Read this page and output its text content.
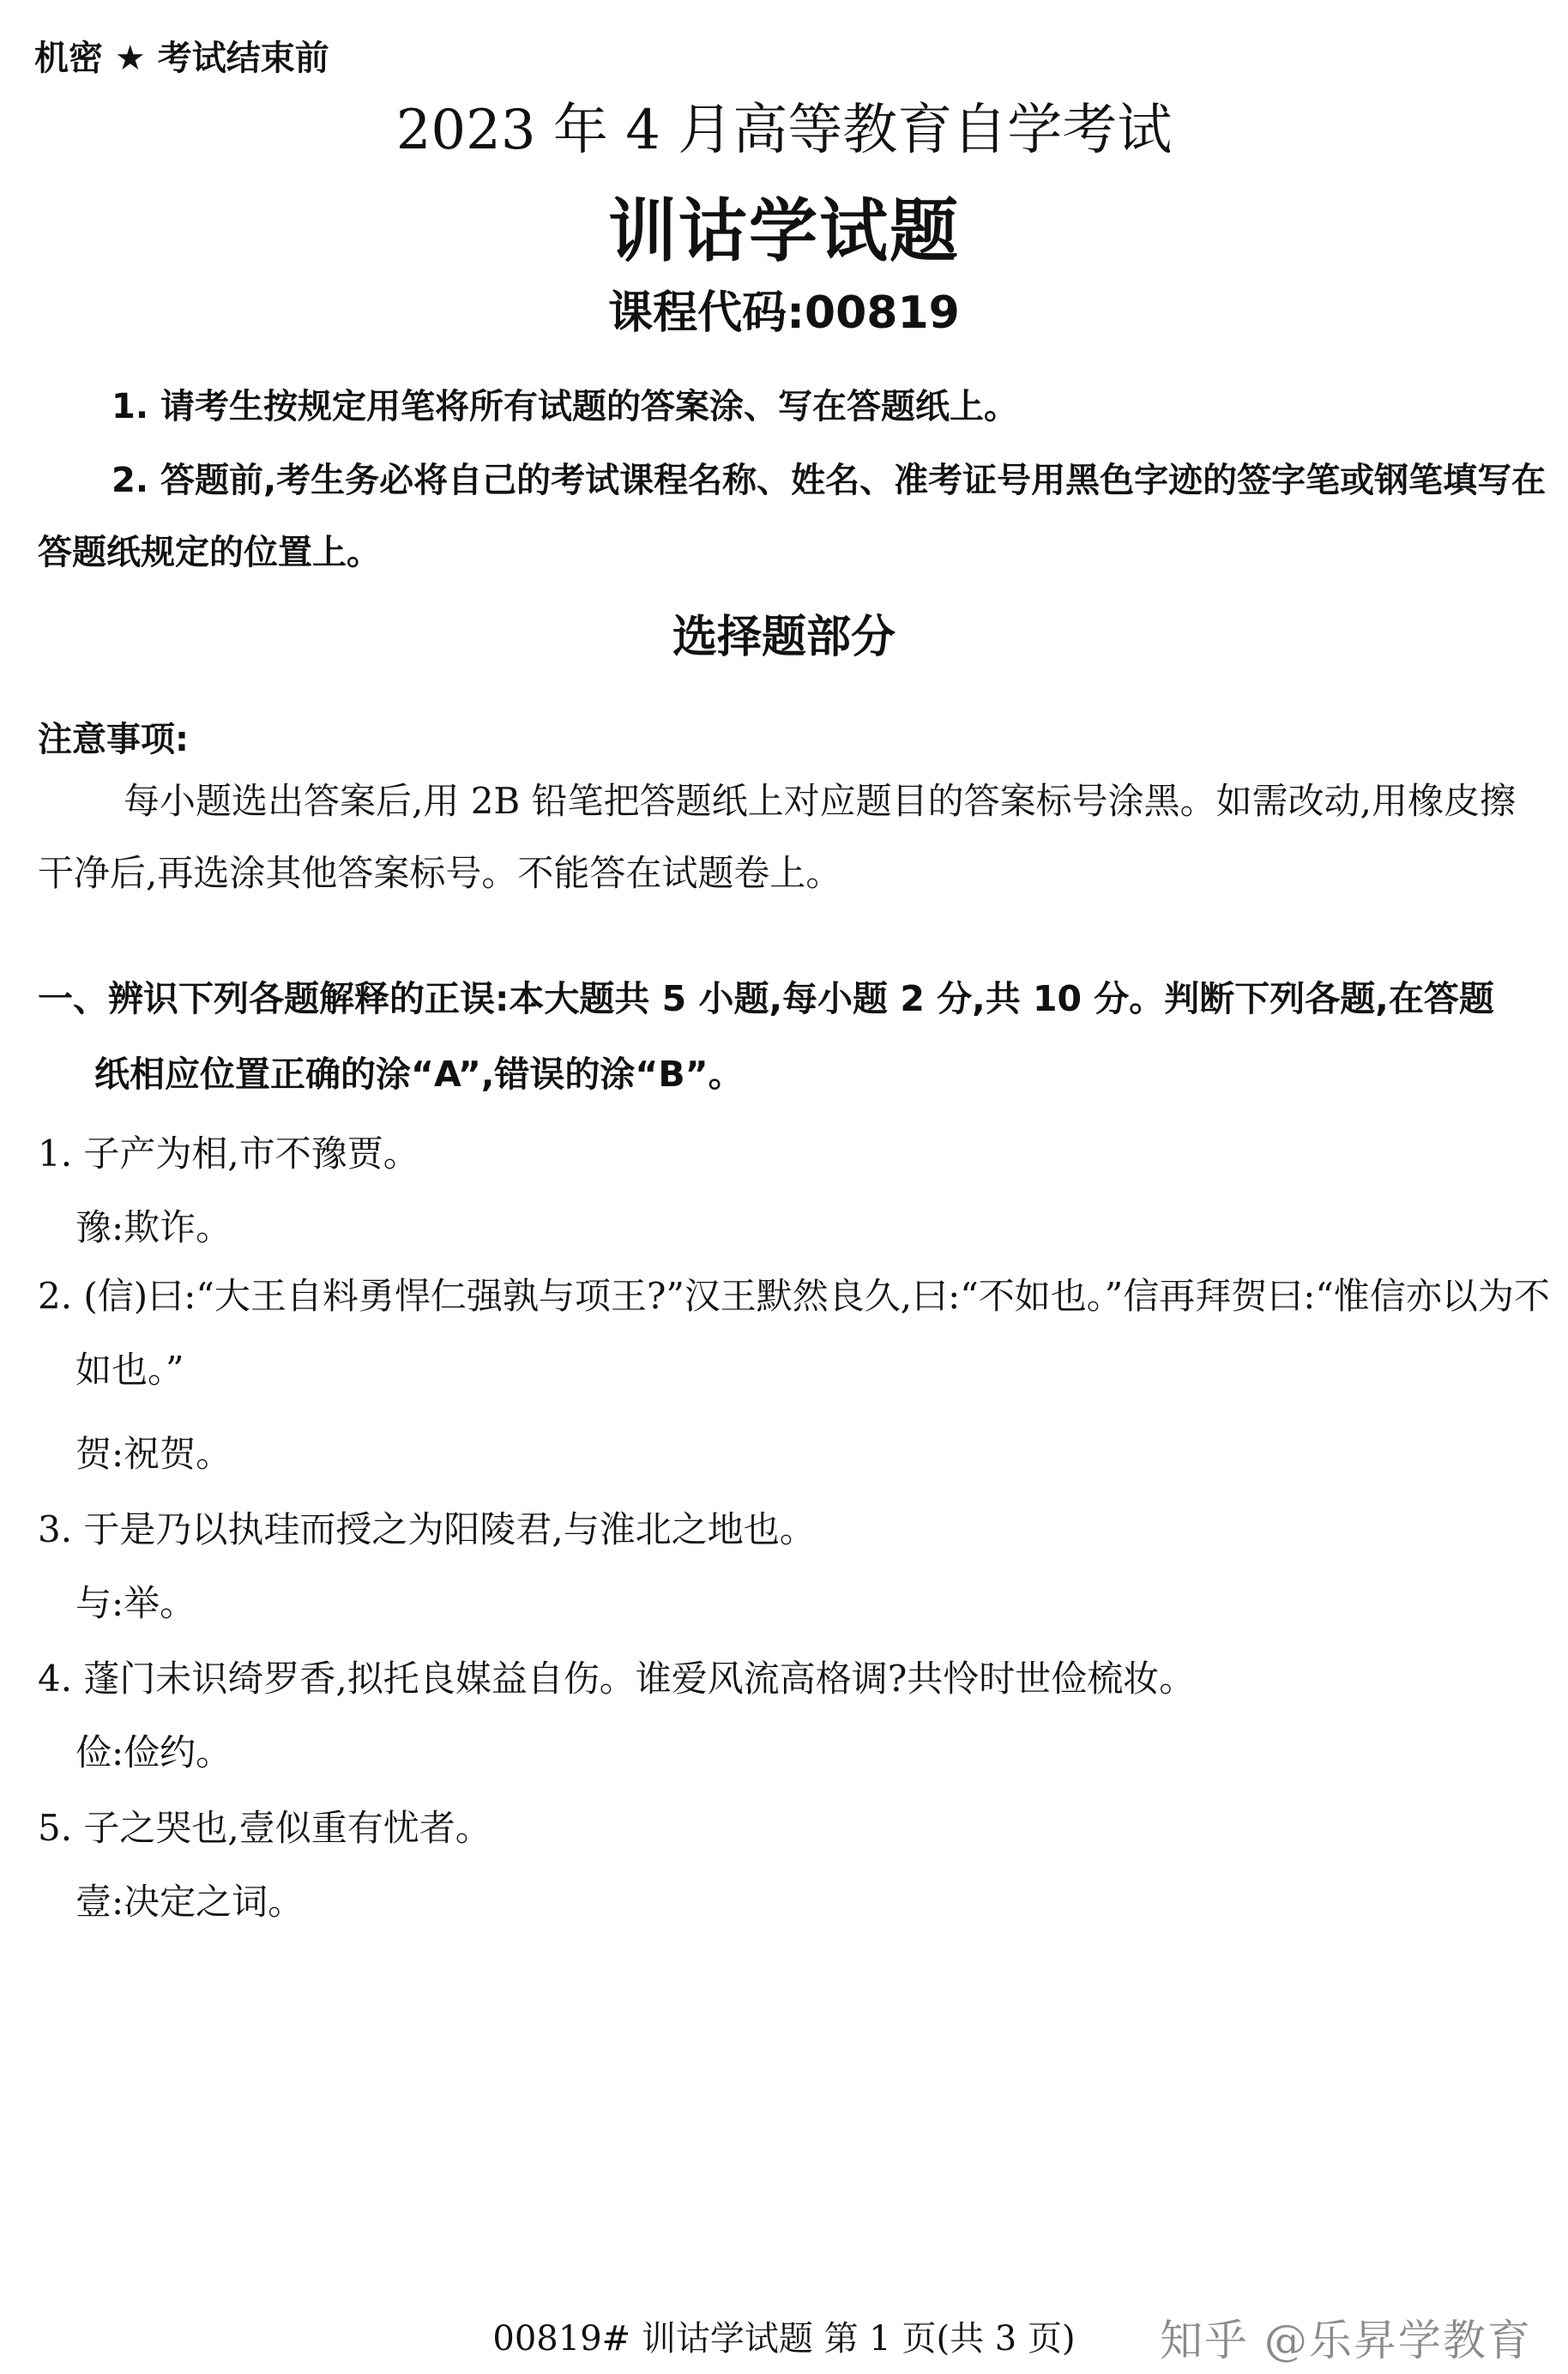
机密 ★ 考试结束前
2023 年 4 月高等教育自学考试
训诂学试题
课程代码:00819
1. 请考生按规定用笔将所有试题的答案涂、写在答题纸上。
2. 答题前,考生务必将自己的考试课程名称、姓名、准考证号用黑色字迹的签字笔或钢笔填写在答题纸规定的位置上。
选择题部分
注意事项:
每小题选出答案后,用 2B 铅笔把答题纸上对应题目的答案标号涂黑。如需改动,用橡皮擦干净后,再选涂其他答案标号。不能答在试题卷上。
一、辨识下列各题解释的正误:本大题共 5 小题,每小题 2 分,共 10 分。判断下列各题,在答题
纸相应位置正确的涂“A”,错误的涂“B”。
1. 子产为相,市不豫贾。
豫:欺诈。
2. (信)曰:“大王自料勇悍仁强孰与项王?”汉王默然良久,曰:“不如也。”信再拜贺曰:“惟信亦以为不如也。”
贺:祝贺。
3. 于是乃以执珪而授之为阳陵君,与淮北之地也。
与:举。
4. 蓬门未识绮罗香,拟托良媒益自伤。谁爱风流高格调?共怜时世俭梳妆。
俭:俭约。
5. 子之哭也,壹似重有忧者。
壹:决定之词。
00819# 训诂学试题 第 1 页(共 3 页)	知乎 @乐昇学教育
